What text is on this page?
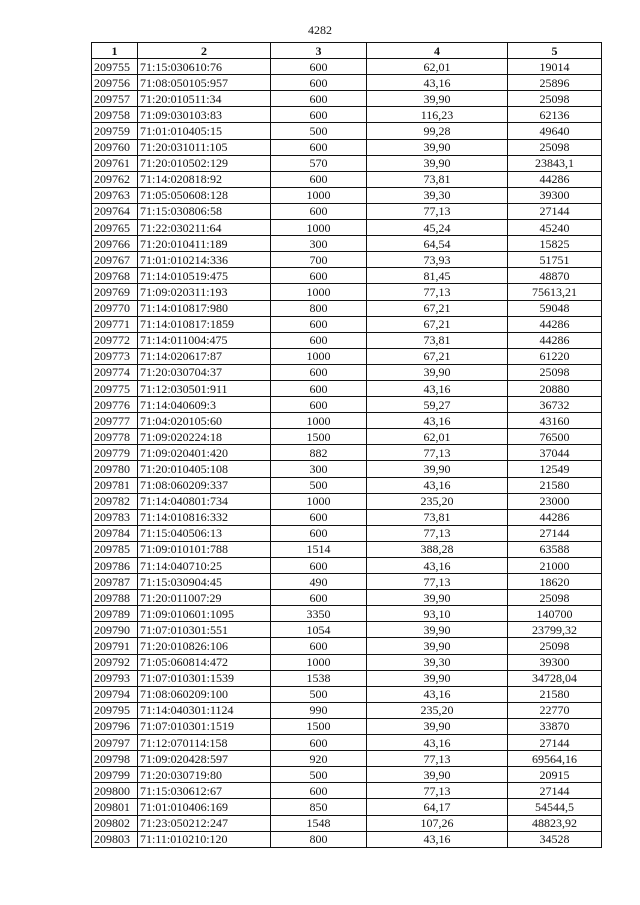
4282
1	2	3	4	5
209755	71:15:030610:76	600	62,01	19014
209756	71:08:050105:957	600	43,16	25896
209757	71:20:010511:34	600	39,90	25098
209758	71:09:030103:83	600	116,23	62136
209759	71:01:010405:15	500	99,28	49640
209760	71:20:031011:105	600	39,90	25098
209761	71:20:010502:129	570	39,90	23843,1
209762	71:14:020818:92	600	73,81	44286
209763	71:05:050608:128	1000	39,30	39300
209764	71:15:030806:58	600	77,13	27144
209765	71:22:030211:64	1000	45,24	45240
209766	71:20:010411:189	300	64,54	15825
209767	71:01:010214:336	700	73,93	51751
209768	71:14:010519:475	600	81,45	48870
209769	71:09:020311:193	1000	77,13	75613,21
209770	71:14:010817:980	800	67,21	59048
209771	71:14:010817:1859	600	67,21	44286
209772	71:14:011004:475	600	73,81	44286
209773	71:14:020617:87	1000	67,21	61220
209774	71:20:030704:37	600	39,90	25098
209775	71:12:030501:911	600	43,16	20880
209776	71:14:040609:3	600	59,27	36732
209777	71:04:020105:60	1000	43,16	43160
209778	71:09:020224:18	1500	62,01	76500
209779	71:09:020401:420	882	77,13	37044
209780	71:20:010405:108	300	39,90	12549
209781	71:08:060209:337	500	43,16	21580
209782	71:14:040801:734	1000	235,20	23000
209783	71:14:010816:332	600	73,81	44286
209784	71:15:040506:13	600	77,13	27144
209785	71:09:010101:788	1514	388,28	63588
209786	71:14:040710:25	600	43,16	21000
209787	71:15:030904:45	490	77,13	18620
209788	71:20:011007:29	600	39,90	25098
209789	71:09:010601:1095	3350	93,10	140700
209790	71:07:010301:551	1054	39,90	23799,32
209791	71:20:010826:106	600	39,90	25098
209792	71:05:060814:472	1000	39,30	39300
209793	71:07:010301:1539	1538	39,90	34728,04
209794	71:08:060209:100	500	43,16	21580
209795	71:14:040301:1124	990	235,20	22770
209796	71:07:010301:1519	1500	39,90	33870
209797	71:12:070114:158	600	43,16	27144
209798	71:09:020428:597	920	77,13	69564,16
209799	71:20:030719:80	500	39,90	20915
209800	71:15:030612:67	600	77,13	27144
209801	71:01:010406:169	850	64,17	54544,5
209802	71:23:050212:247	1548	107,26	48823,92
209803	71:11:010210:120	800	43,16	34528
